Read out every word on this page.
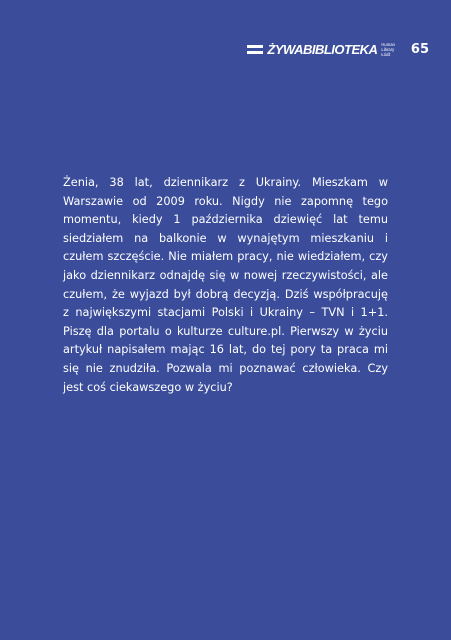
ŻYWABIBLIOTEKA Human
Library
Łódź	65

Żenia, 38 lat, dziennikarz z Ukrainy. Mieszkam w Warszawie od 2009 roku. Nigdy nie zapomnę tego momentu, kiedy 1 października dziewięć lat temu siedziałem na balkonie w wynajętym mieszkaniu i czułem szczęście. Nie miałem pracy, nie wiedziałem, czy jako dziennikarz odnajdę się w nowej rzeczywistości, ale czułem, że wyjazd był dobrą decyzją. Dziś współpracuję z największymi stacjami Polski i Ukrainy – TVN i 1+1. Piszę dla portalu o kulturze culture.pl. Pierwszy w życiu artykuł napisałem mając 16 lat, do tej pory ta praca mi się nie znudziła. Pozwala mi poznawać człowieka. Czy jest coś ciekawszego w życiu?
